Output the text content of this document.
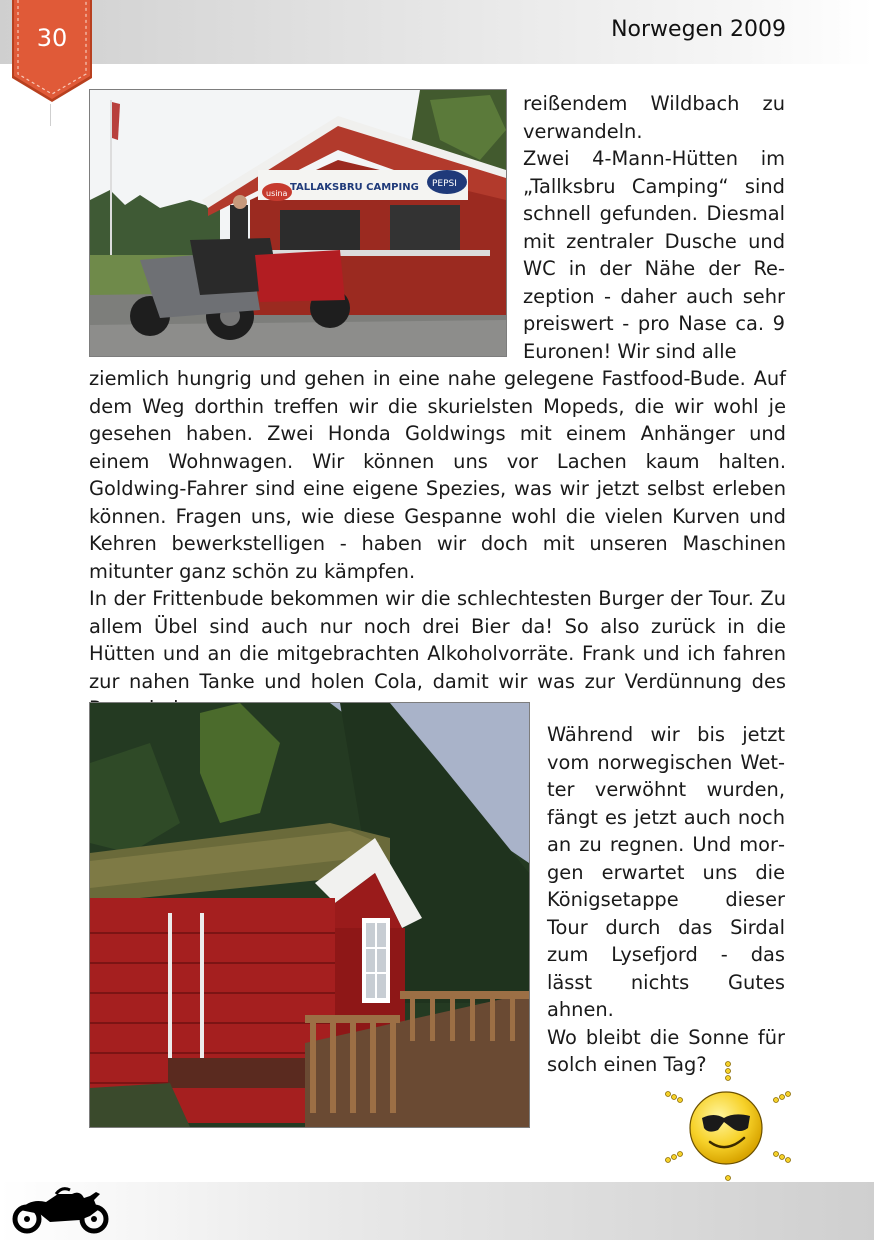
30	Norwegen 2009
TALLAKSBRU CAMPING
usina
PEPSI

reißendem Wildbach zu verwandeln.

Zwei 4-Mann-Hütten im „Tallksbru Camping“ sind schnell gefunden. Diesmal mit zentraler Dusche und WC in der Nähe der Rezeption - daher auch sehr preiswert - pro Nase ca. 9 Euronen! Wir sind alle

ziemlich hungrig und gehen in eine nahe gelegene Fastfood-Bude. Auf dem Weg dorthin treffen wir die skurielsten Mopeds, die wir wohl je gesehen haben. Zwei Honda Goldwings mit einem Anhänger und einem Wohnwagen. Wir können uns vor Lachen kaum halten. Goldwing-Fahrer sind eine eigene Spezies, was wir jetzt selbst erleben können. Fragen uns, wie diese Gespanne wohl die vielen Kurven und Kehren bewerkstelligen - haben wir doch mit unseren Maschinen mitunter ganz schön zu kämpfen.
In der Frittenbude bekommen wir die schlechtesten Burger der Tour. Zu allem Übel sind auch nur noch drei Bier da! So also zurück in die Hütten und an die mitgebrachten Alkoholvorräte. Frank und ich fahren zur nahen Tanke und holen Cola, damit wir was zur Verdünnung des

Während wir bis jetzt vom norwegischen Wetter verwöhnt wurden, fängt es jetzt auch noch an zu regnen. Und morgen erwartet uns die Königsetappe dieser Tour durch das Sirdal zum Lysefjord - das lässt nichts Gutes ahnen.

Wo bleibt die Sonne für solch einen Tag?
